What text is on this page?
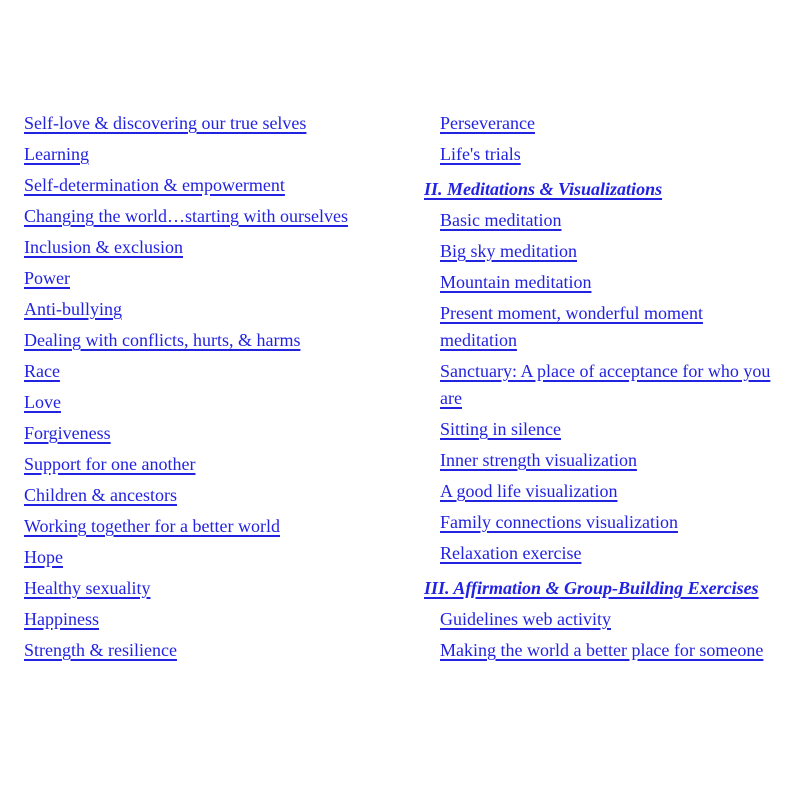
Self-love & discovering our true selves
Learning
Self-determination & empowerment
Changing the world…starting with ourselves
Inclusion & exclusion
Power
Anti-bullying
Dealing with conflicts, hurts, & harms
Race
Love
Forgiveness
Support for one another
Children & ancestors
Working together for a better world
Hope
Healthy sexuality
Happiness
Strength & resilience
Perseverance
Life's trials
II. Meditations & Visualizations
Basic meditation
Big sky meditation
Mountain meditation
Present moment, wonderful moment meditation
Sanctuary: A place of acceptance for who you are
Sitting in silence
Inner strength visualization
A good life visualization
Family connections visualization
Relaxation exercise
III. Affirmation & Group-Building Exercises
Guidelines web activity
Making the world a better place for someone
